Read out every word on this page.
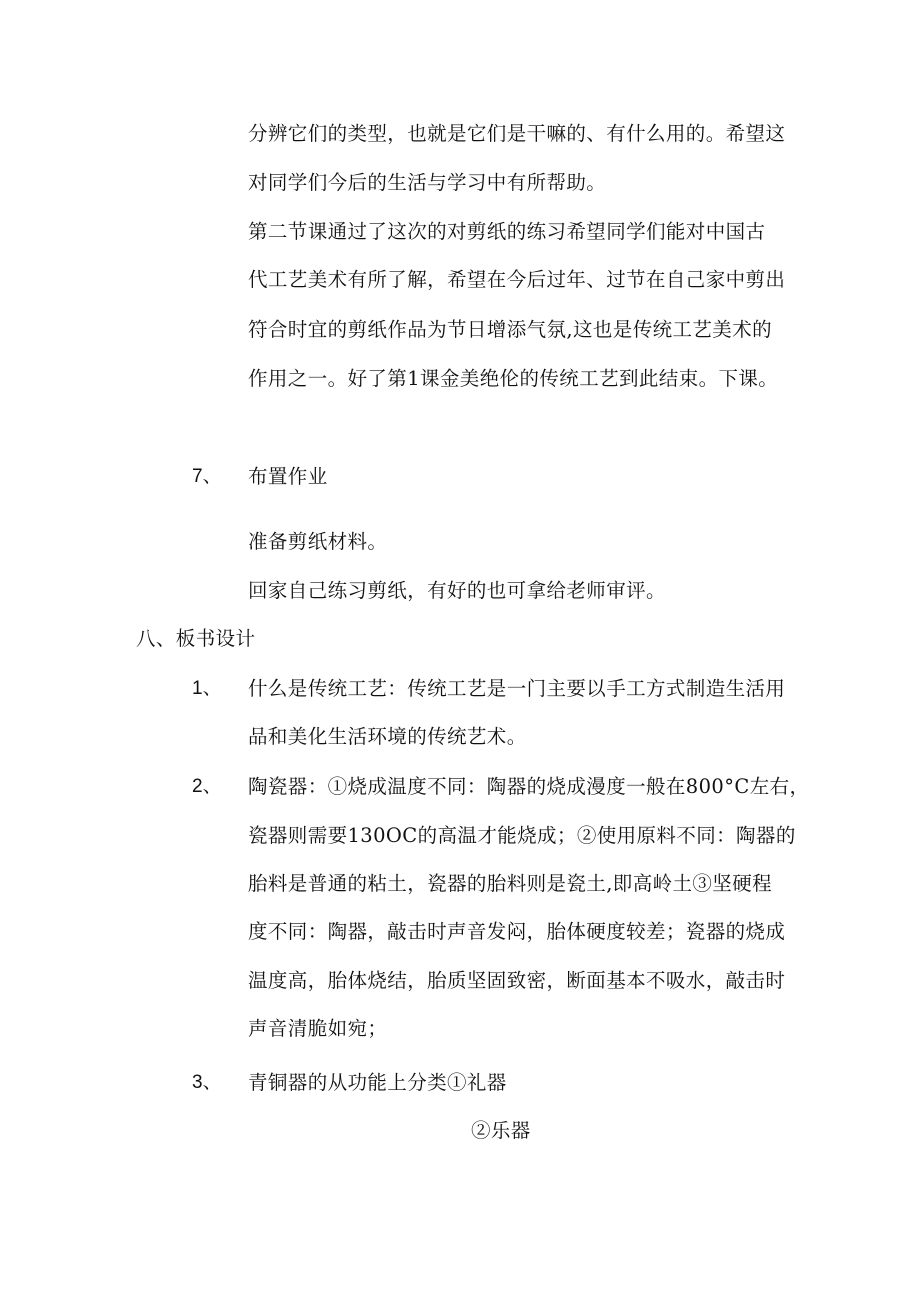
分辨它们的类型，也就是它们是干嘛的、有什么用的。希望这
对同学们今后的生活与学习中有所帮助。
第二节课通过了这次的对剪纸的练习希望同学们能对中国古
代工艺美术有所了解，希望在今后过年、过节在自己家中剪出
符合时宜的剪纸作品为节日增添气氛,这也是传统工艺美术的
作用之一。好了第1课金美绝伦的传统工艺到此结束。下课。
7、 布置作业
准备剪纸材料。
回家自己练习剪纸，有好的也可拿给老师审评。
八、板书设计
1、 什么是传统工艺：传统工艺是一门主要以手工方式制造生活用
品和美化生活环境的传统艺术。
2、 陶瓷器：①烧成温度不同：陶器的烧成漫度一般在800°C左右，
瓷器则需要130OC的高温才能烧成；②使用原料不同：陶器的
胎料是普通的粘土，瓷器的胎料则是瓷土,即高岭土③坚硬程
度不同：陶器，敲击时声音发闷，胎体硬度较差；瓷器的烧成
温度高，胎体烧结，胎质坚固致密，断面基本不吸水，敲击时
声音清脆如宛；
3、 青铜器的从功能上分类①礼器
②乐器
